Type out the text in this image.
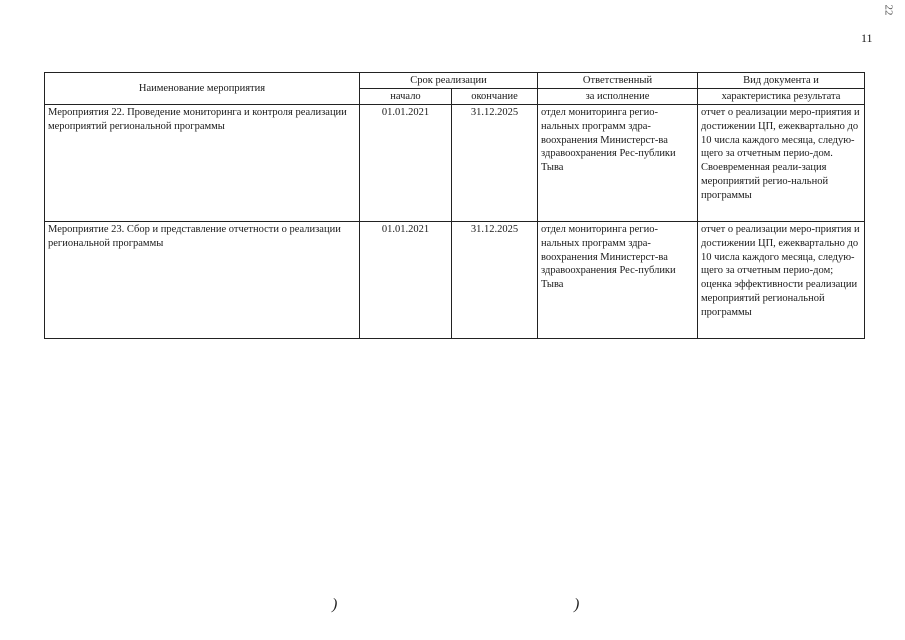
22
11
Наименование мероприятия	Срок реализации		Ответственный	Вид документа и
	начало	окончание	за исполнение	характеристика результата
Мероприятия 22. Проведение мониторинга и контроля реализации мероприятий региональной программы	01.01.2021	31.12.2025	отдел мониторинга регио-нальных программ здра-воохранения Министерст-ва здравоохранения Рес-публики Тыва	отчет о реализации меро-приятия и достижении ЦП, ежеквартально до 10 числа каждого месяца, следую-щего за отчетным перио-дом. Своевременная реали-зация мероприятий регио-нальной программы
Мероприятие 23. Сбор и представление отчетности о реализации региональной программы	01.01.2021	31.12.2025	отдел мониторинга регио-нальных программ здра-воохранения Министерст-ва здравоохранения Рес-публики Тыва	отчет о реализации меро-приятия и достижении ЦП, ежеквартально до 10 числа каждого месяца, следую-щего за отчетным перио-дом; оценка эффективности реализации мероприятий региональной программы
)	)
